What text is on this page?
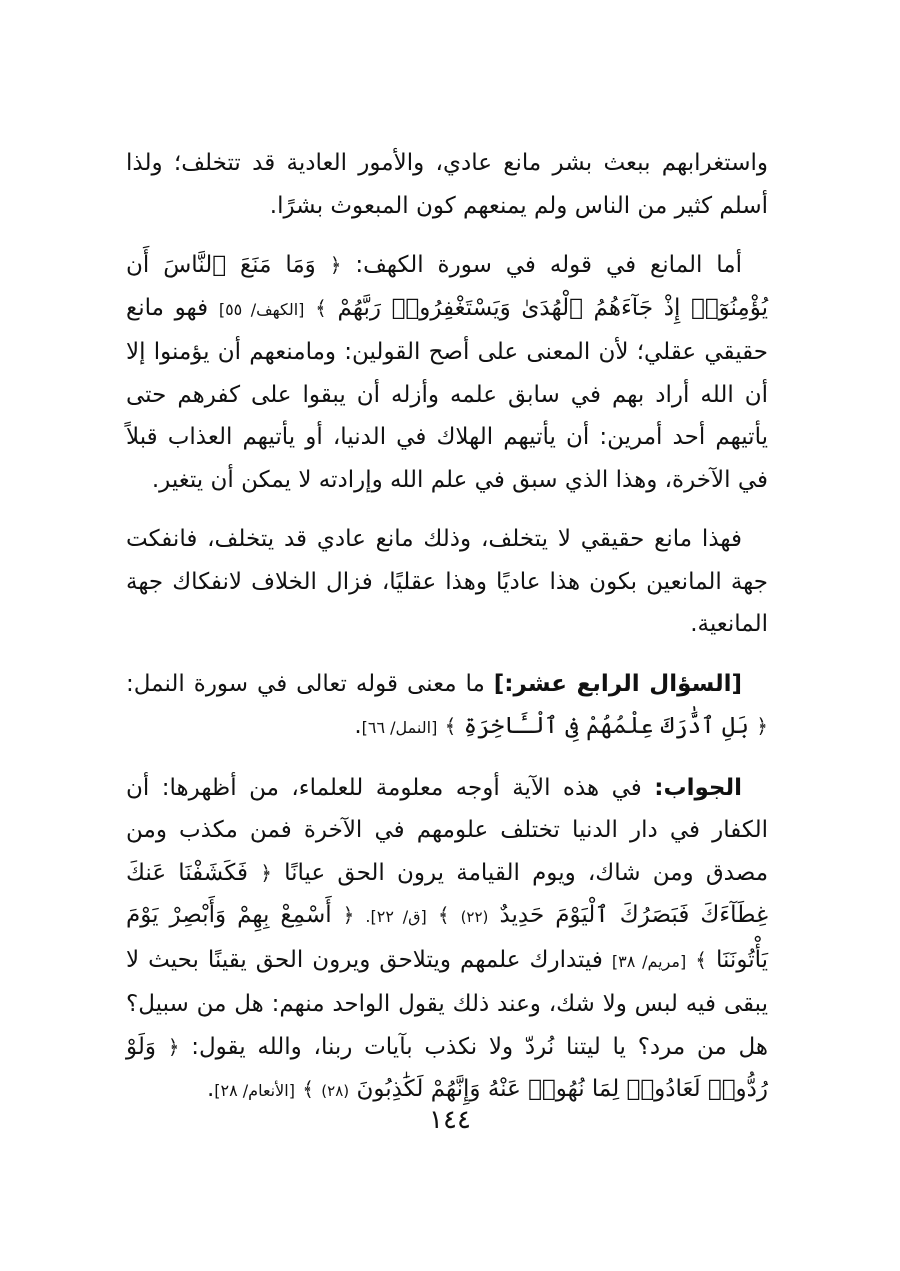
واستغرابهم ببعث بشر مانع عادي، والأمور العادية قد تتخلف؛ ولذا أسلم كثير من الناس ولم يمنعهم كون المبعوث بشرًا.

أما المانع في قوله في سورة الكهف: ﴿ وَمَا مَنَعَ ٱلنَّاسَ أَن يُؤْمِنُوٓا۟ إِذْ جَآءَهُمُ ٱلْهُدَىٰ وَيَسْتَغْفِرُوا۟ رَبَّهُمْ ﴾ [الكهف/ ٥٥] فهو مانع حقيقي عقلي؛ لأن المعنى على أصح القولين: ومامنعهم أن يؤمنوا إلا أن الله أراد بهم في سابق علمه وأزله أن يبقوا على كفرهم حتى يأتيهم أحد أمرين: أن يأتيهم الهلاك في الدنيا، أو يأتيهم العذاب قبلاً في الآخرة، وهذا الذي سبق في علم الله وإرادته لا يمكن أن يتغير.

فهذا مانع حقيقي لا يتخلف، وذلك مانع عادي قد يتخلف، فانفكت جهة المانعين بكون هذا عاديًا وهذا عقليًا، فزال الخلاف لانفكاك جهة المانعية.

[السؤال الرابع عشر:] ما معنى قوله تعالى في سورة النمل: ﴿ بَلِ ٱدَّٰرَكَ عِلْمُهُمْ فِى ٱلْـَٔاخِرَةِ ﴾ [النمل/ ٦٦].

الجواب: في هذه الآية أوجه معلومة للعلماء، من أظهرها: أن الكفار في دار الدنيا تختلف علومهم في الآخرة فمن مكذب ومن مصدق ومن شاك، ويوم القيامة يرون الحق عيانًا ﴿ فَكَشَفْنَا عَنكَ غِطَآءَكَ فَبَصَرُكَ ٱلْيَوْمَ حَدِيدٌ (٢٢) ﴾ [ق/ ٢٢]. ﴿ أَسْمِعْ بِهِمْ وَأَبْصِرْ يَوْمَ يَأْتُونَنَا ﴾ [مريم/ ٣٨] فيتدارك علمهم ويتلاحق ويرون الحق يقينًا بحيث لا يبقى فيه لبس ولا شك، وعند ذلك يقول الواحد منهم: هل من سبيل؟ هل من مرد؟ يا ليتنا نُردّ ولا نكذب بآيات ربنا، والله يقول: ﴿ وَلَوْ رُدُّوا۟ لَعَادُوا۟ لِمَا نُهُوا۟ عَنْهُ وَإِنَّهُمْ لَكَٰذِبُونَ (٢٨) ﴾ [الأنعام/ ٢٨].

١٤٤
